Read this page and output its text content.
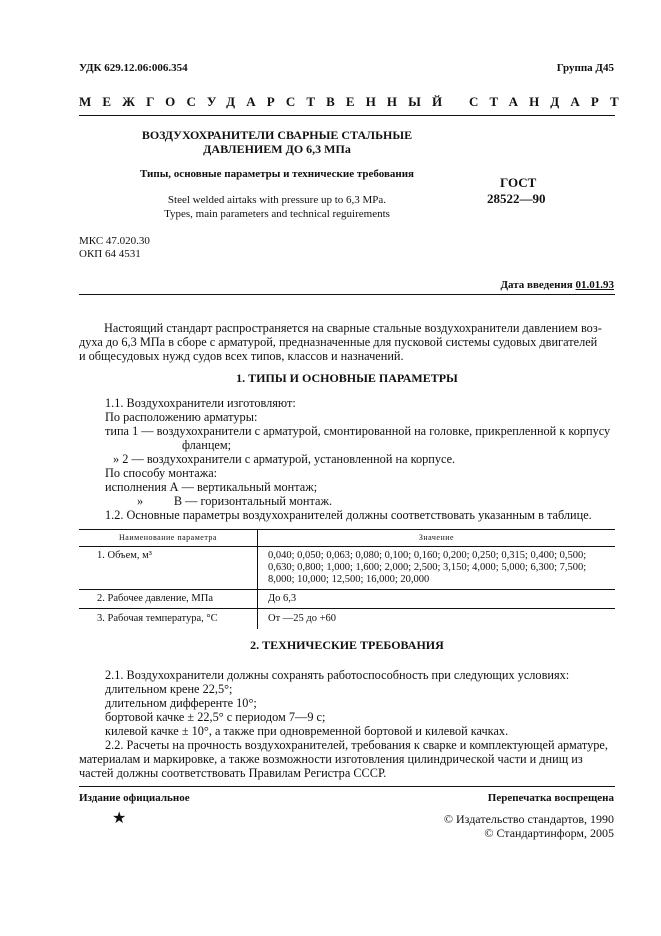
УДК 629.12.06:006.354	Группа Д45
МЕЖГОСУДАРСТВЕННЫЙ СТАНДАРТ
ВОЗДУХОХРАНИТЕЛИ СВАРНЫЕ СТАЛЬНЫЕ
ДАВЛЕНИЕМ ДО 6,3 МПа
Типы, основные параметры и технические требования
Steel welded airtaks with pressure up to 6,3 MPa.
Types, main parameters and technical reguirements
ГОСТ
28522—90
МКС 47.020.30
ОКП 64 4531
Дата введения 01.01.93
Настоящий стандарт распространяется на сварные стальные воздухохранители давлением воз-
духа до 6,3 МПа в сборе с арматурой, предназначенные для пусковой системы судовых двигателей
и общесудовых нужд судов всех типов, классов и назначений.
1. ТИПЫ И ОСНОВНЫЕ ПАРАМЕТРЫ
1.1. Воздухохранители изготовляют:
По расположению арматуры:
типа 1 — воздухохранители с арматурой, смонтированной на головке, прикрепленной к корпусу
фланцем;
» 2 — воздухохранители с арматурой, установленной на корпусе.
По способу монтажа:
исполнения А — вертикальный монтаж;
»          В — горизонтальный монтаж.
1.2. Основные параметры воздухохранителей должны соответствовать указанным в таблице.
Наименование параметра	Значение
1. Объем, м³	0,040; 0,050; 0,063; 0,080; 0,100; 0,160; 0,200; 0,250; 0,315; 0,400; 0,500;
0,630; 0,800; 1,000; 1,600; 2,000; 2,500; 3,150; 4,000; 5,000; 6,300; 7,500;
8,000; 10,000; 12,500; 16,000; 20,000

2. Рабочее давление, МПа	До 6,3
3. Рабочая температура, °С	От —25 до +60
2. ТЕХНИЧЕСКИЕ ТРЕБОВАНИЯ
2.1. Воздухохранители должны сохранять работоспособность при следующих условиях:
длительном крене 22,5°;
длительном дифференте 10°;
бортовой качке ± 22,5° с периодом 7—9 с;
килевой качке ± 10°, а также при одновременной бортовой и килевой качках.
2.2. Расчеты на прочность воздухохранителей, требования к сварке и комплектующей арматуре,
материалам и маркировке, а также возможности изготовления цилиндрической части и днищ из
частей должны соответствовать Правилам Регистра СССР.
Издание официальное	Перепечатка воспрещена
★	© Издательство стандартов, 1990
© Стандартинформ, 2005
